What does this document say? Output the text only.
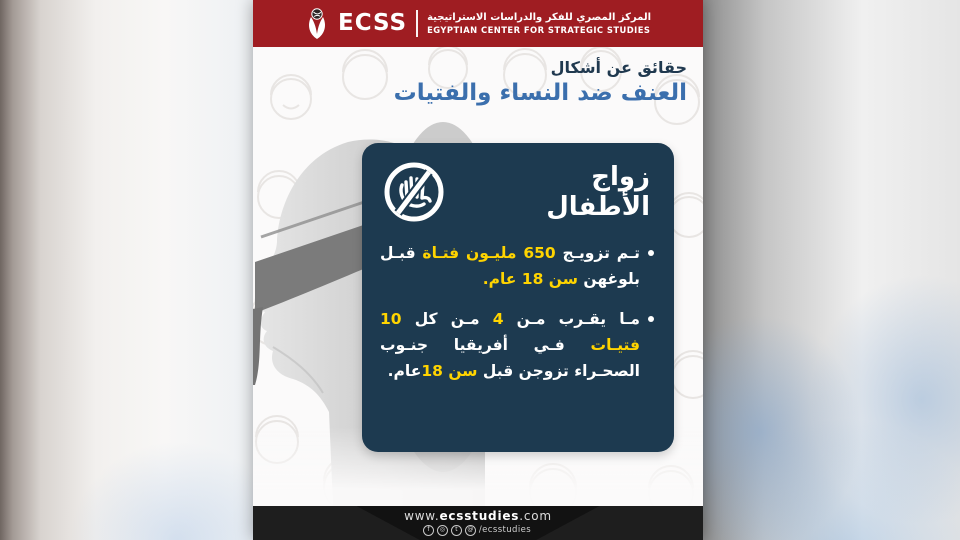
ECSS المركز المصري للفكر والدراسات الاستراتيجية
EGYPTIAN CENTER FOR STRATEGIC STUDIES
حقائق عن أشكال
العنف ضد النساء والفتيات
زواج الأطفال
تـم تزويـج 650 مليـون فتـاة قبـل بلوغهن سن 18 عام.
مـا يقـرب مـن 4 مـن كل 10 فتيـات فـي أفريقيا جنـوب الصحـراء تزوجن قبل سن 18عام.
www.ecsstudies.com
f	◎	t	@ /ecsstudies
